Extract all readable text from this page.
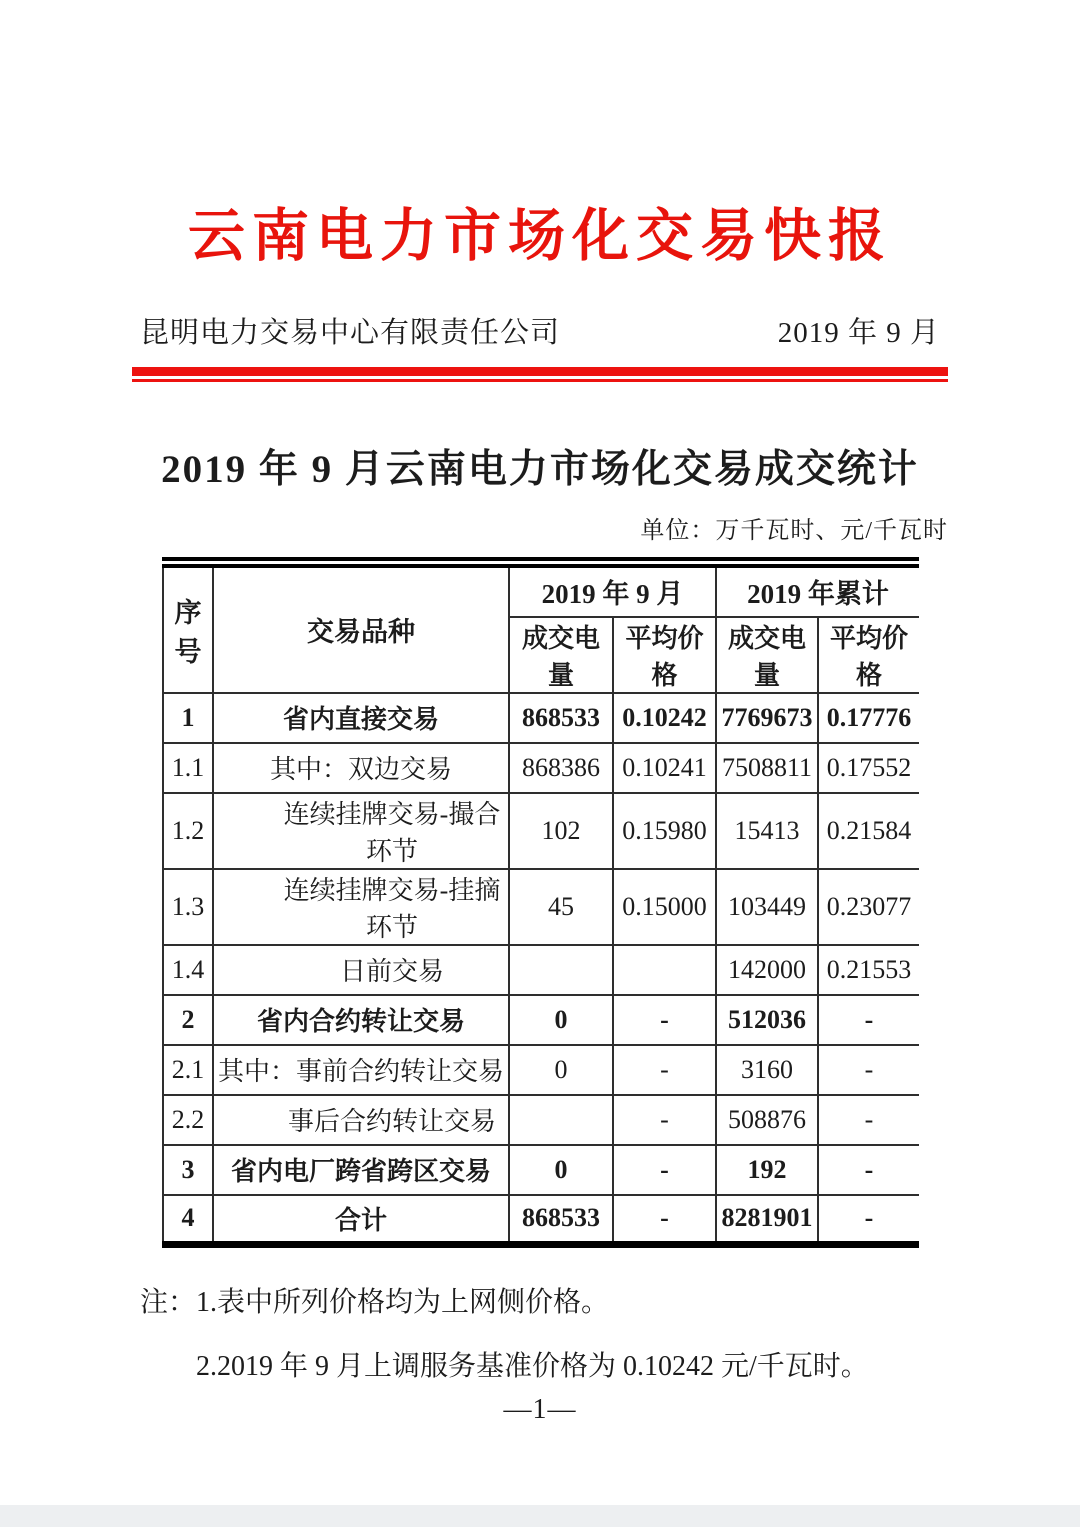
云南电力市场化交易快报
昆明电力交易中心有限责任公司	2019 年 9 月
2019 年 9 月云南电力市场化交易成交统计
单位：万千瓦时、元/千瓦时
序号	交易品种	2019 年 9 月		2019 年累计	
		成交电量	平均价格	成交电量	平均价格
1	省内直接交易	868533	0.10242	7769673	0.17776
1.1	其中：双边交易	868386	0.10241	7508811	0.17552
1.2	连续挂牌交易-撮合环节	102	0.15980	15413	0.21584
1.3	连续挂牌交易-挂摘环节	45	0.15000	103449	0.23077
1.4	日前交易			142000	0.21553
2	省内合约转让交易	0	-	512036	-
2.1	其中：事前合约转让交易	0	-	3160	-
2.2	事后合约转让交易		-	508876	-
3	省内电厂跨省跨区交易	0	-	192	-
4	合计	868533	-	8281901	-
注：1.表中所列价格均为上网侧价格。
2.2019 年 9 月上调服务基准价格为 0.10242 元/千瓦时。
—1—
